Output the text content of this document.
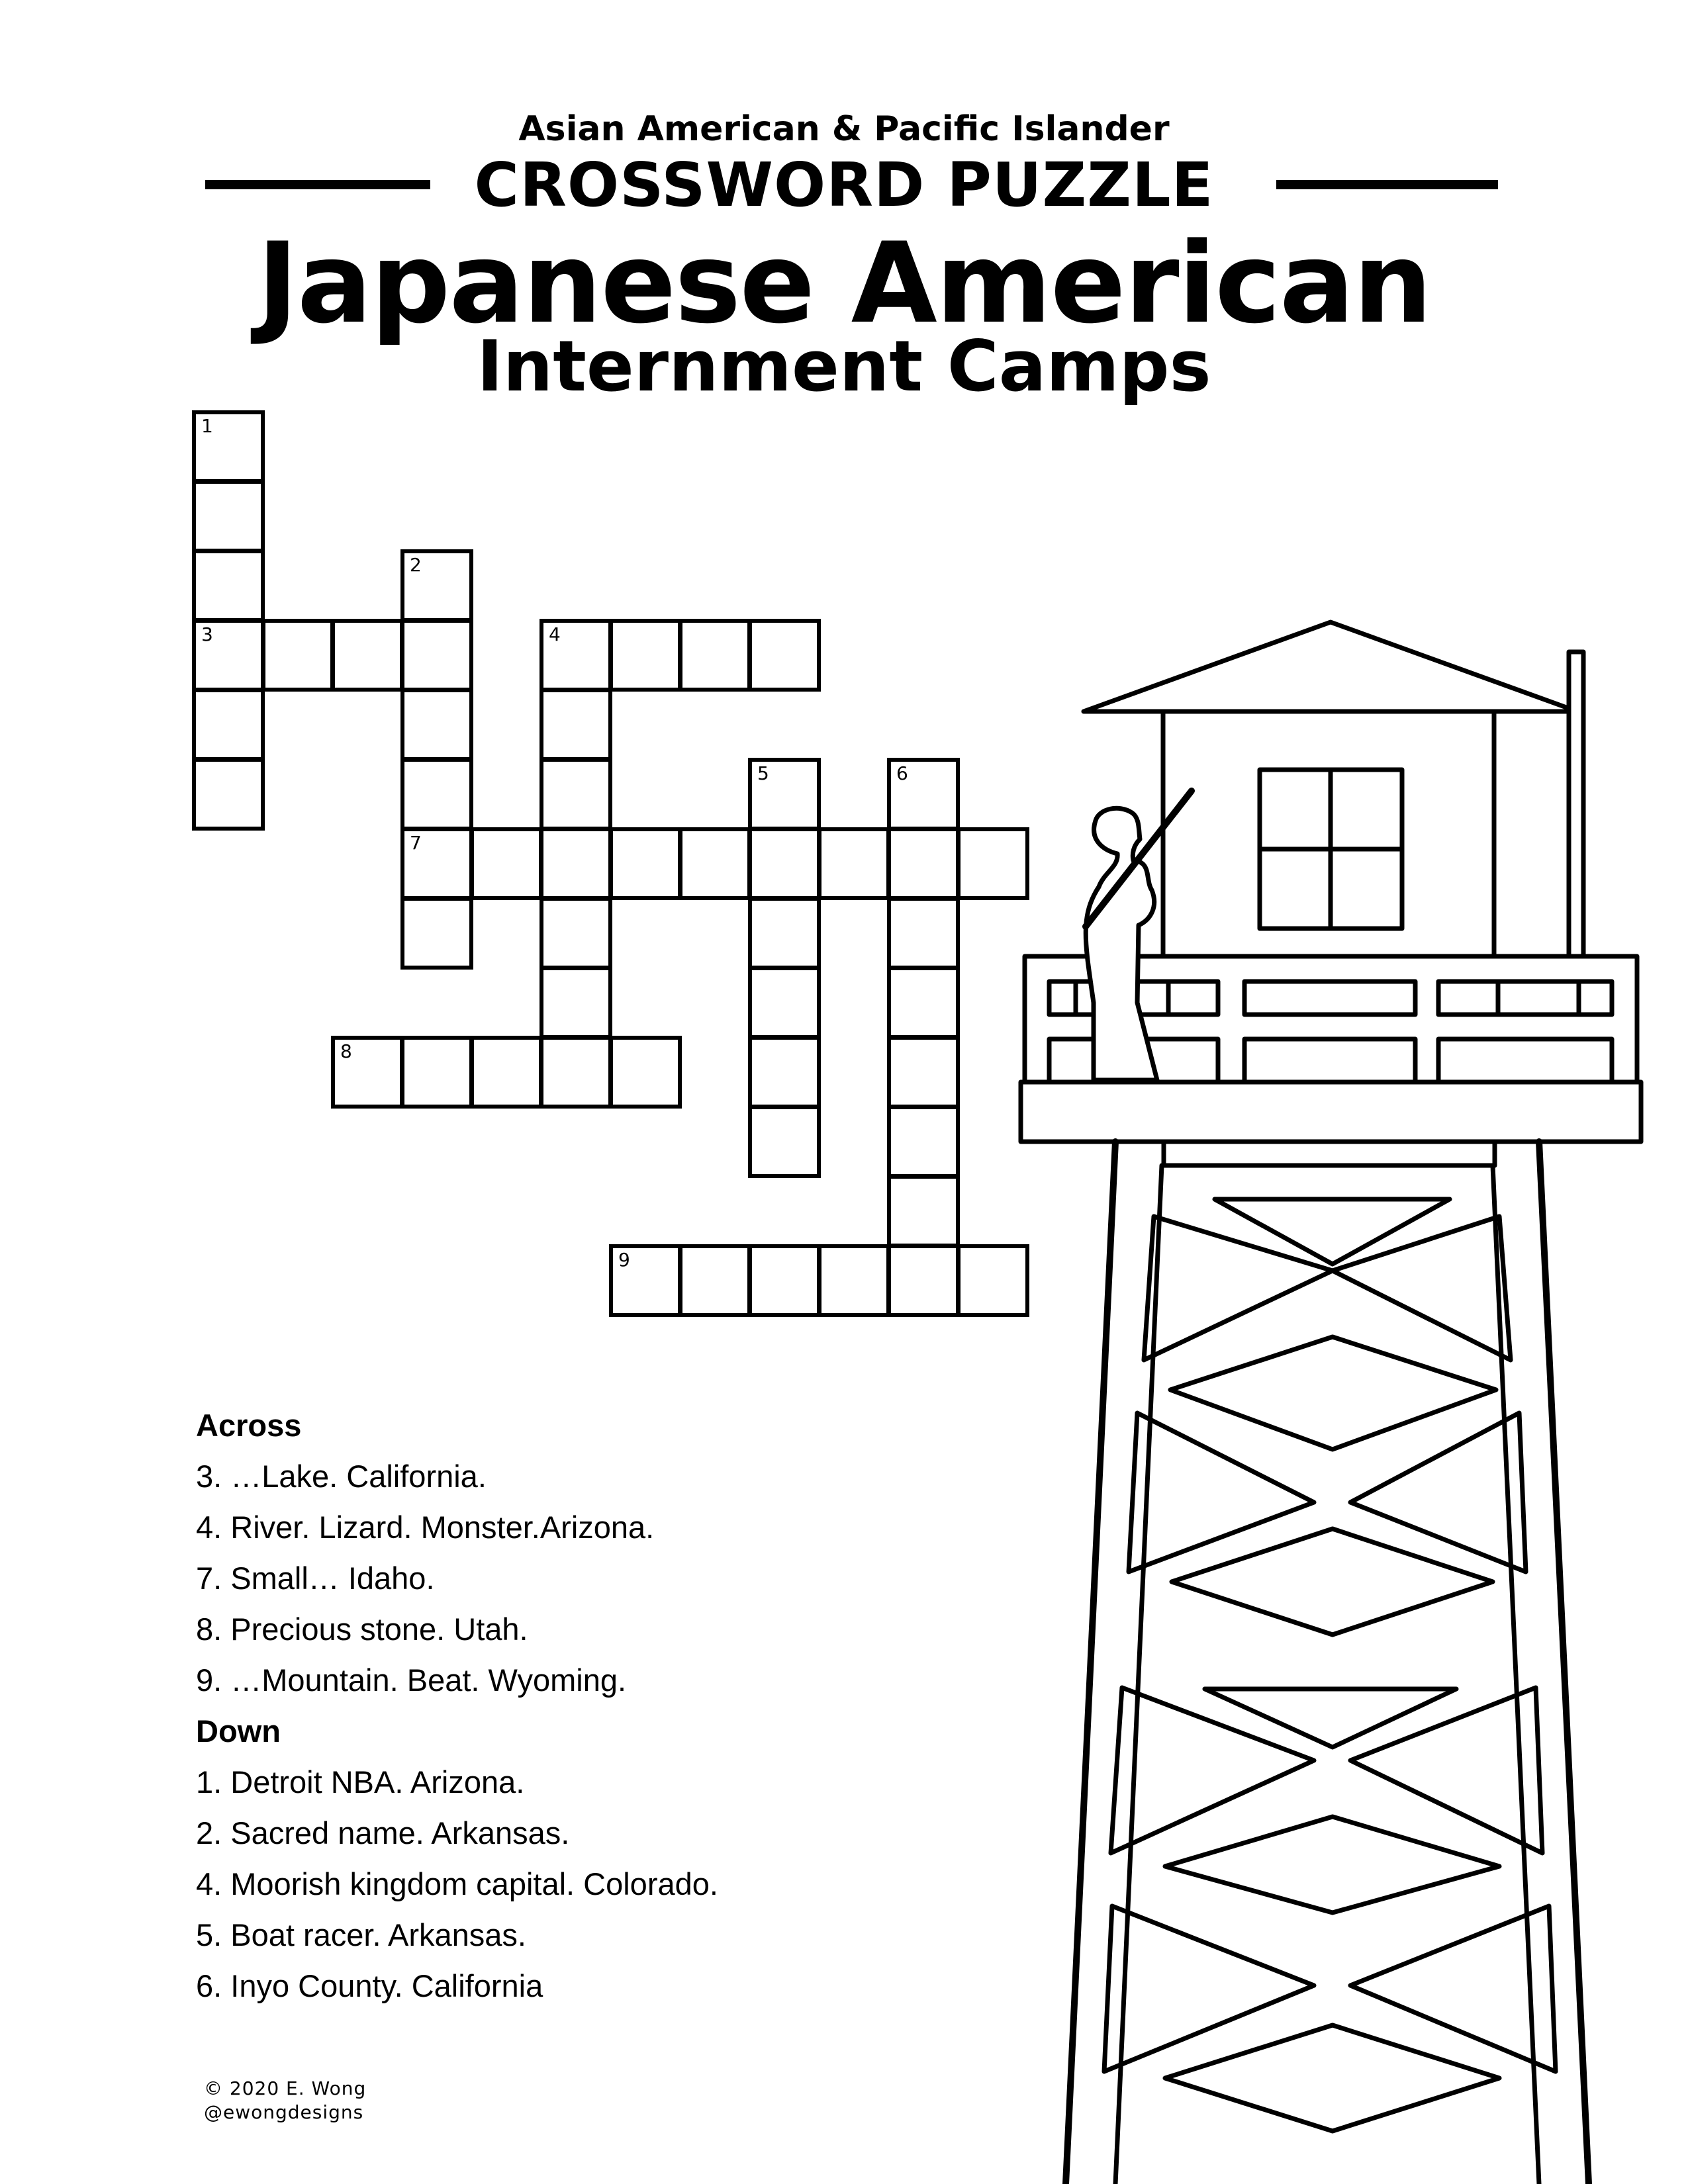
Asian American & Pacific Islander
CROSSWORD PUZZLE
Japanese American
Internment Camps
1
3
2
7
4
5	6
8
9
Across
3. …Lake. California.
4. River. Lizard. Monster.Arizona.
7. Small… Idaho.
8. Precious stone. Utah.
9. …Mountain. Beat. Wyoming.
Down
1. Detroit NBA. Arizona.
2. Sacred name. Arkansas.
4. Moorish kingdom capital. Colorado.
5. Boat racer. Arkansas.
6. Inyo County. California
© 2020 E. Wong
@ewongdesigns
